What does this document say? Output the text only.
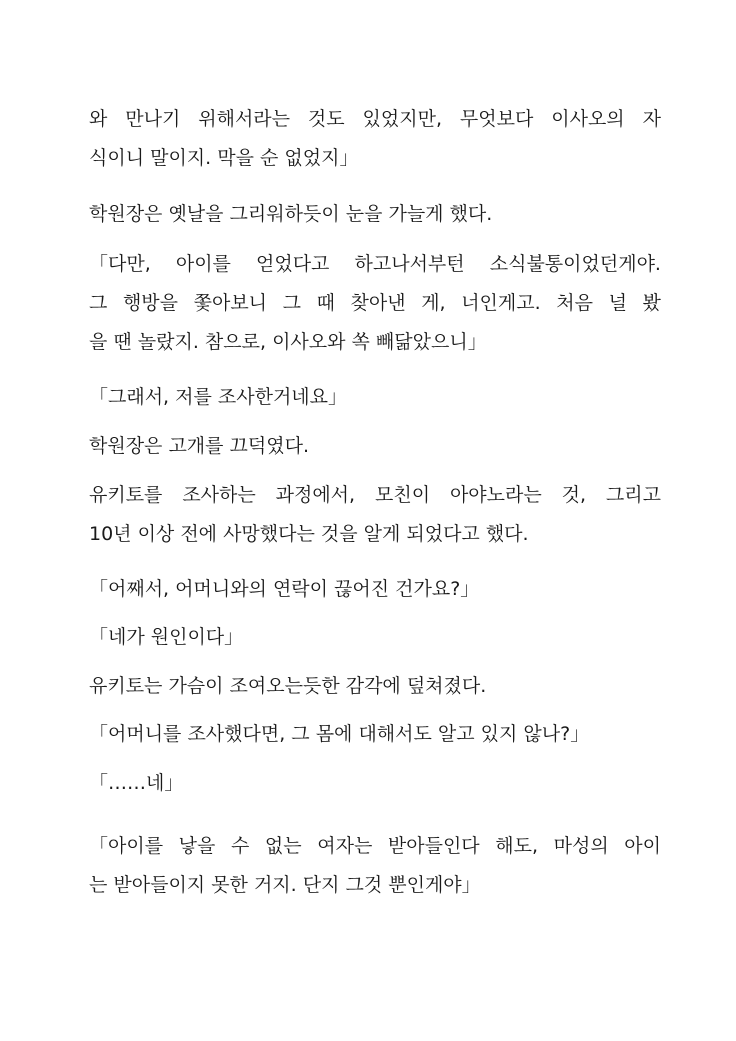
와 만나기 위해서라는 것도 있었지만, 무엇보다 이사오의 자
식이니 말이지. 막을 순 없었지」

학원장은 옛날을 그리워하듯이 눈을 가늘게 했다.

「다만, 아이를 얻었다고 하고나서부턴 소식불통이었던게야.
그 행방을 쫓아보니 그 때 찾아낸 게, 너인게고. 처음 널 봤
을 땐 놀랐지. 참으로, 이사오와 쏙 빼닮았으니」

「그래서, 저를 조사한거네요」

학원장은 고개를 끄덕였다.

유키토를 조사하는 과정에서, 모친이 아야노라는 것, 그리고
10년 이상 전에 사망했다는 것을 알게 되었다고 했다.

「어째서, 어머니와의 연락이 끊어진 건가요?」

「네가 원인이다」

유키토는 가슴이 조여오는듯한 감각에 덮쳐졌다.

「어머니를 조사했다면, 그 몸에 대해서도 알고 있지 않나?」

「……네」

「아이를 낳을 수 없는 여자는 받아들인다 해도, 마성의 아이
는 받아들이지 못한 거지. 단지 그것 뿐인게야」
